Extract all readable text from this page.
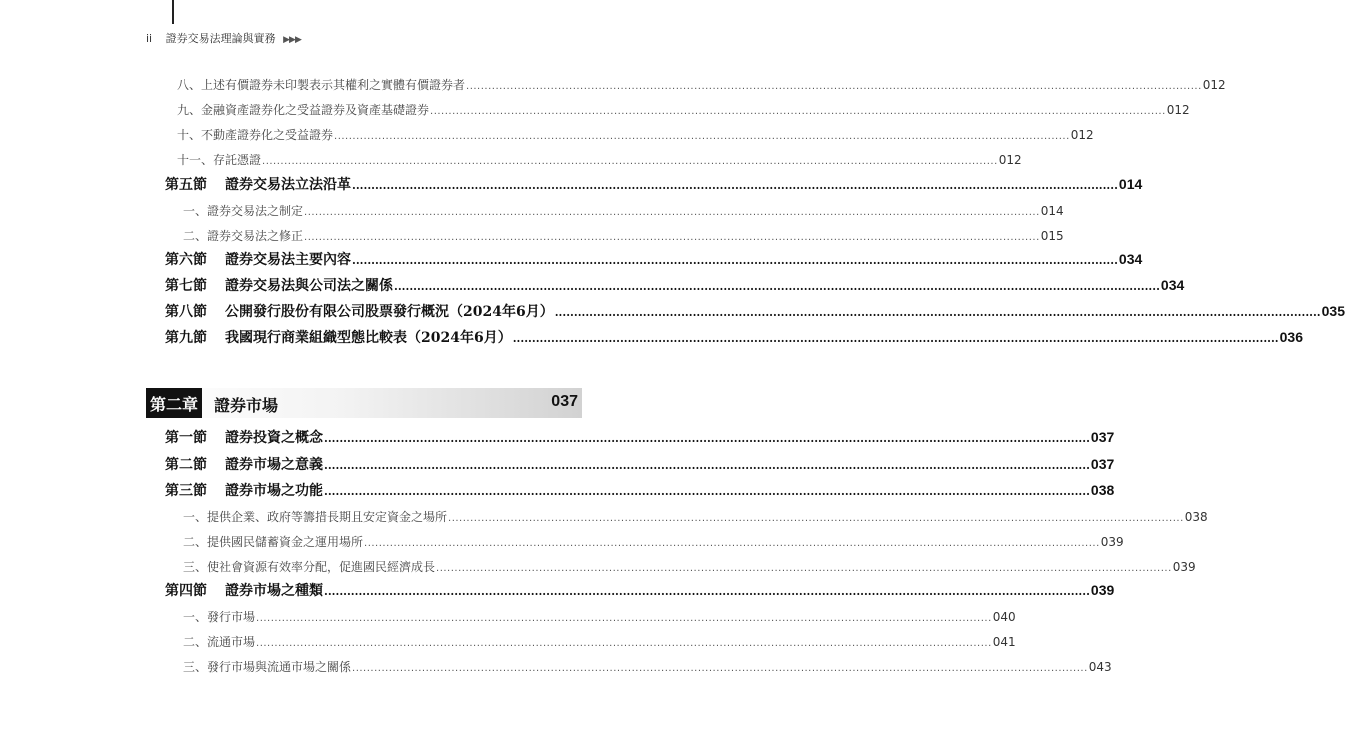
ii 證券交易法理論與實務 ▶▶▶
八、上述有價證券未印製表示其權利之實體有價證券者 .....	012
九、金融資產證券化之受益證券及資產基礎證券 .....	012
十、不動產證券化之受益證券 .....	012
十一、存託憑證 .....	012
第五節 證券交易法立法沿革 .....	014
一、證券交易法之制定 .....	014
二、證券交易法之修正 .....	015
第六節 證券交易法主要內容 .....	034
第七節 證券交易法與公司法之關係 .....	034
第八節 公開發行股份有限公司股票發行概況（2024年6月） .....	035
第九節 我國現行商業組織型態比較表（2024年6月） .....	036
第二章 證券市場	037
第一節 證券投資之概念 .....	037
第二節 證券市場之意義 .....	037
第三節 證券市場之功能 .....	038
一、提供企業、政府等籌措長期且安定資金之場所 .....	038
二、提供國民儲蓄資金之運用場所 .....	039
三、使社會資源有效率分配，促進國民經濟成長 .....	039
第四節 證券市場之種類 .....	039
一、發行市場 .....	040
二、流通市場 .....	041
三、發行市場與流通市場之關係 .....	043
